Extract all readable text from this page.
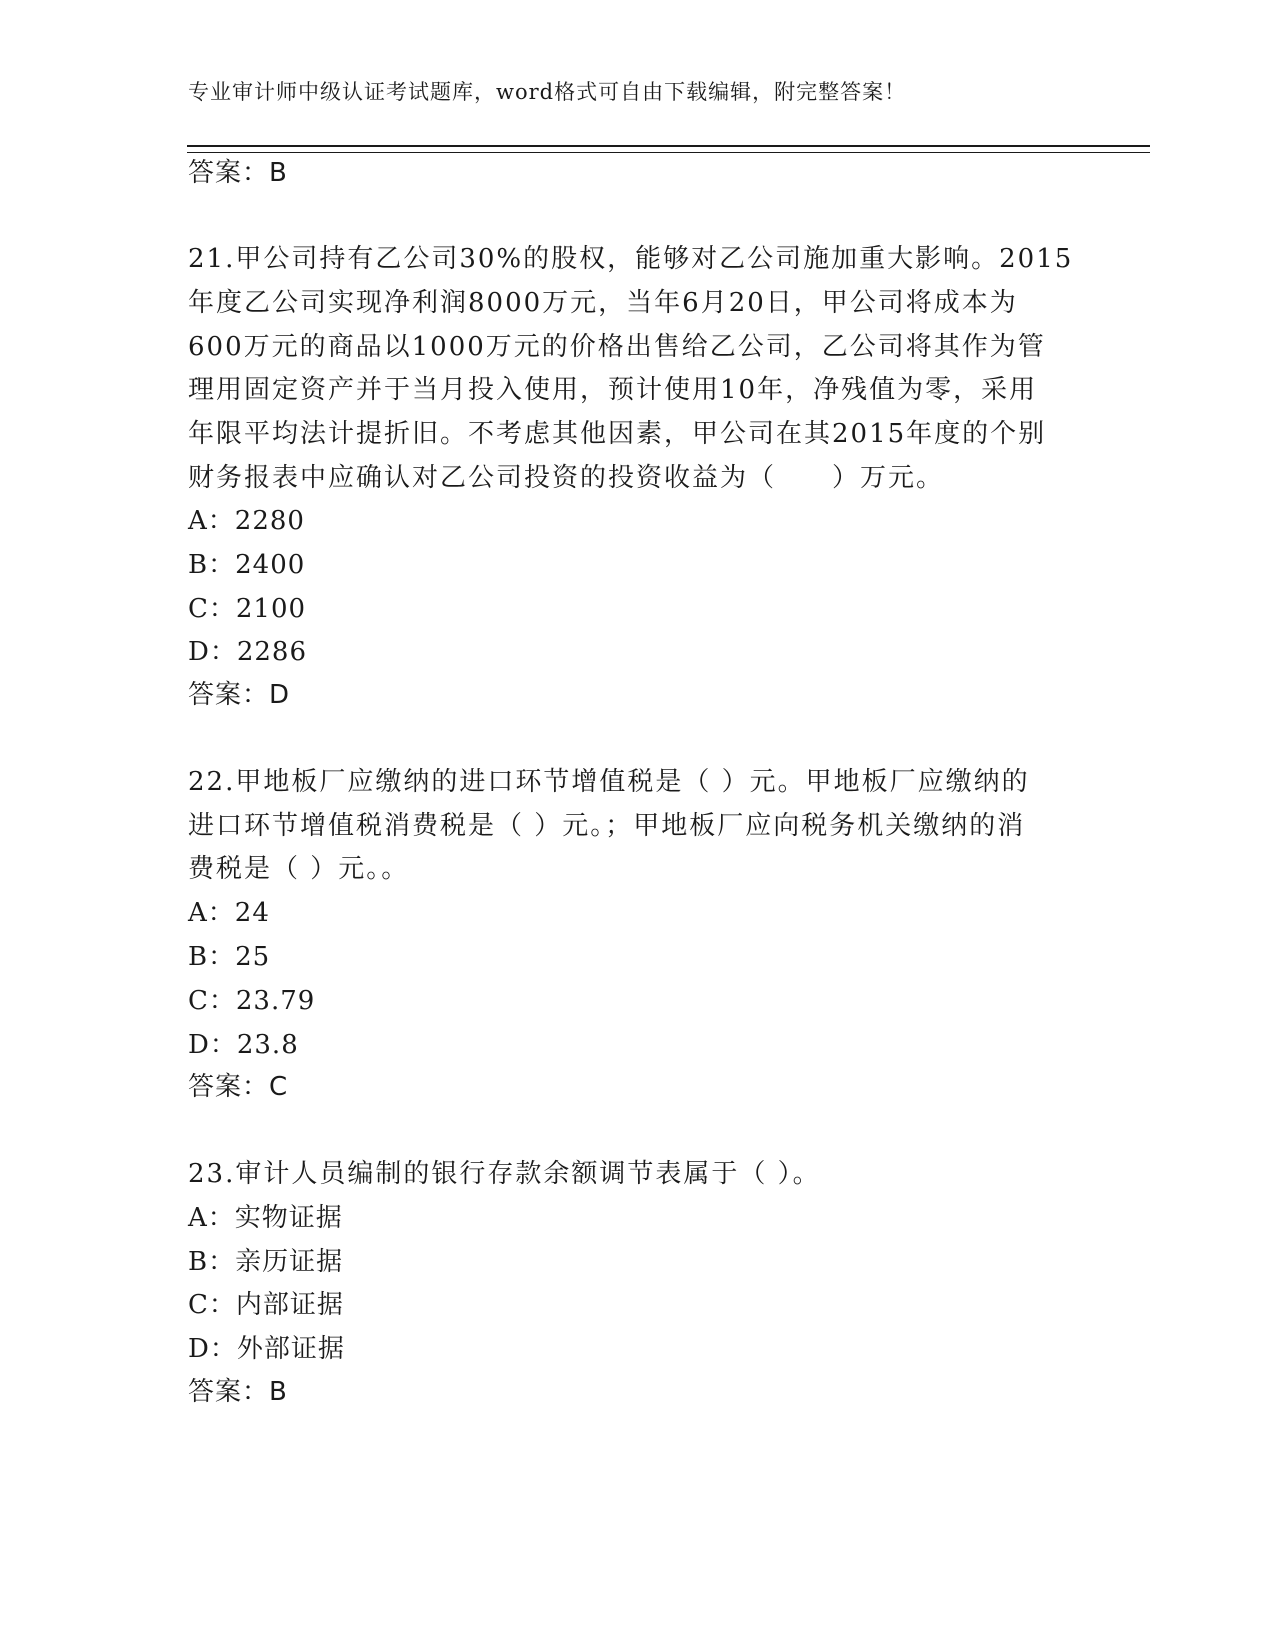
专业审计师中级认证考试题库，word格式可自由下载编辑，附完整答案！
答案：B
21.甲公司持有乙公司30%的股权，能够对乙公司施加重大影响。2015
年度乙公司实现净利润8000万元，当年6月20日，甲公司将成本为
600万元的商品以1000万元的价格出售给乙公司，乙公司将其作为管
理用固定资产并于当月投入使用，预计使用10年，净残值为零，采用
年限平均法计提折旧。不考虑其他因素，甲公司在其2015年度的个别
财务报表中应确认对乙公司投资的投资收益为（　　）万元。
A：2280
B：2400
C：2100
D：2286
答案：D
22.甲地板厂应缴纳的进口环节增值税是（ ）元。甲地板厂应缴纳的
进口环节增值税消费税是（ ）元。；甲地板厂应向税务机关缴纳的消
费税是（ ）元。。
A：24
B：25
C：23.79
D：23.8
答案：C
23.审计人员编制的银行存款余额调节表属于（ ）。
A：实物证据
B：亲历证据
C：内部证据
D：外部证据
答案：B
